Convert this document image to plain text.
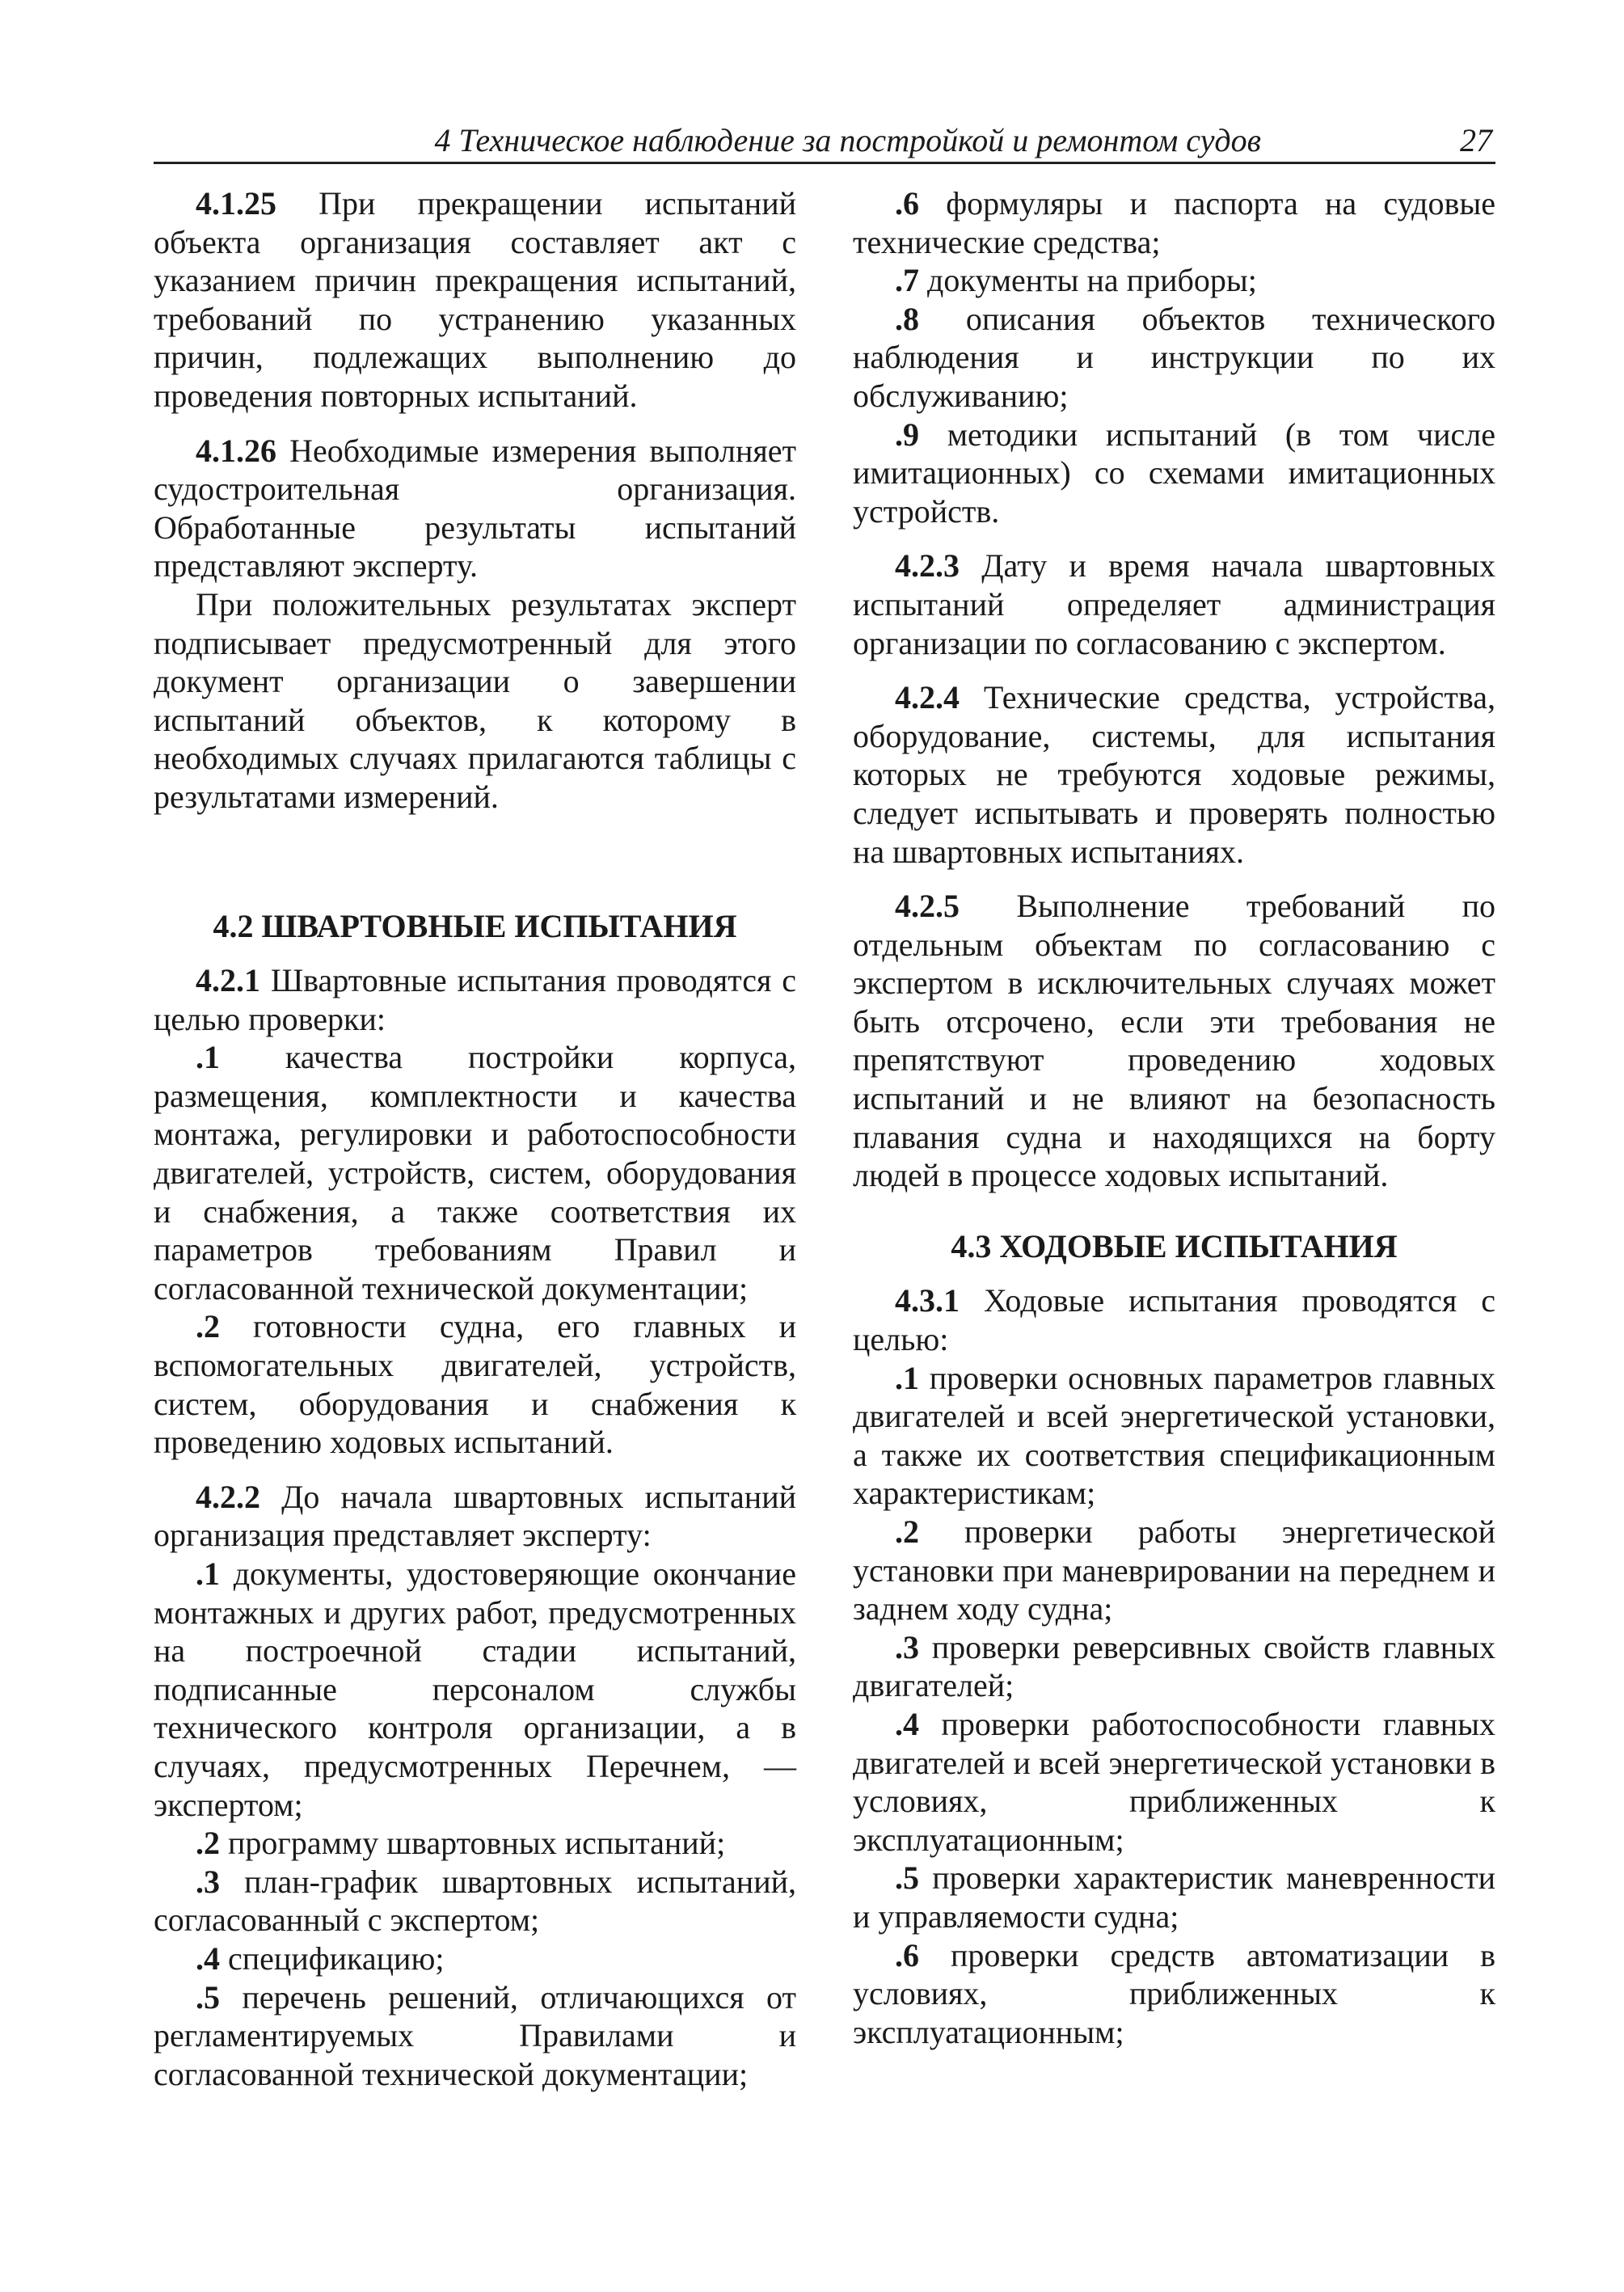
4 Техническое наблюдение за постройкой и ремонтом судов	27

4.1.25 При прекращении испытаний объекта организация составляет акт с указанием причин прекращения испытаний, требований по устранению указанных причин, подлежащих выполнению до проведения повторных испытаний.

4.1.26 Необходимые измерения выполняет судостроительная организация. Обработанные результаты испытаний представляют эксперту.

При положительных результатах эксперт подписывает предусмотренный для этого документ организации о завершении испытаний объектов, к которому в необходимых случаях прилагаются таблицы с результатами измерений.

4.2 ШВАРТОВНЫЕ ИСПЫТАНИЯ

4.2.1 Швартовные испытания проводятся с целью проверки:

.1 качества постройки корпуса, размещения, комплектности и качества монтажа, регулировки и работоспособности двигателей, устройств, систем, оборудования и снабжения, а также соответствия их параметров требованиям Правил и согласованной технической документации;

.2 готовности судна, его главных и вспомогательных двигателей, устройств, систем, оборудования и снабжения к проведению ходовых испытаний.

4.2.2 До начала швартовных испытаний организация представляет эксперту:

.1 документы, удостоверяющие окончание монтажных и других работ, предусмотренных на построечной стадии испытаний, подписанные персоналом службы технического контроля организации, а в случаях, предусмотренных Перечнем, — экспертом;

.2 программу швартовных испытаний;

.3 план-график швартовных испытаний, согласованный с экспертом;

.4 спецификацию;

.5 перечень решений, отличающихся от регламентируемых Правилами и согласованной технической документации;

.6 формуляры и паспорта на судовые технические средства;

.7 документы на приборы;

.8 описания объектов технического наблюдения и инструкции по их обслуживанию;

.9 методики испытаний (в том числе имитационных) со схемами имитационных устройств.

4.2.3 Дату и время начала швартовных испытаний определяет администрация организации по согласованию с экспертом.

4.2.4 Технические средства, устройства, оборудование, системы, для испытания которых не требуются ходовые режимы, следует испытывать и проверять полностью на швартовных испытаниях.

4.2.5 Выполнение требований по отдельным объектам по согласованию с экспертом в исключительных случаях может быть отсрочено, если эти требования не препятствуют проведению ходовых испытаний и не влияют на безопасность плавания судна и находящихся на борту людей в процессе ходовых испытаний.

4.3 ХОДОВЫЕ ИСПЫТАНИЯ

4.3.1 Ходовые испытания проводятся с целью:

.1 проверки основных параметров главных двигателей и всей энергетической установки, а также их соответствия спецификационным характеристикам;

.2 проверки работы энергетической установки при маневрировании на переднем и заднем ходу судна;

.3 проверки реверсивных свойств главных двигателей;

.4 проверки работоспособности главных двигателей и всей энергетической установки в условиях, приближенных к эксплуатационным;

.5 проверки характеристик маневренности и управляемости судна;

.6 проверки средств автоматизации в условиях, приближенных к эксплуатационным;
